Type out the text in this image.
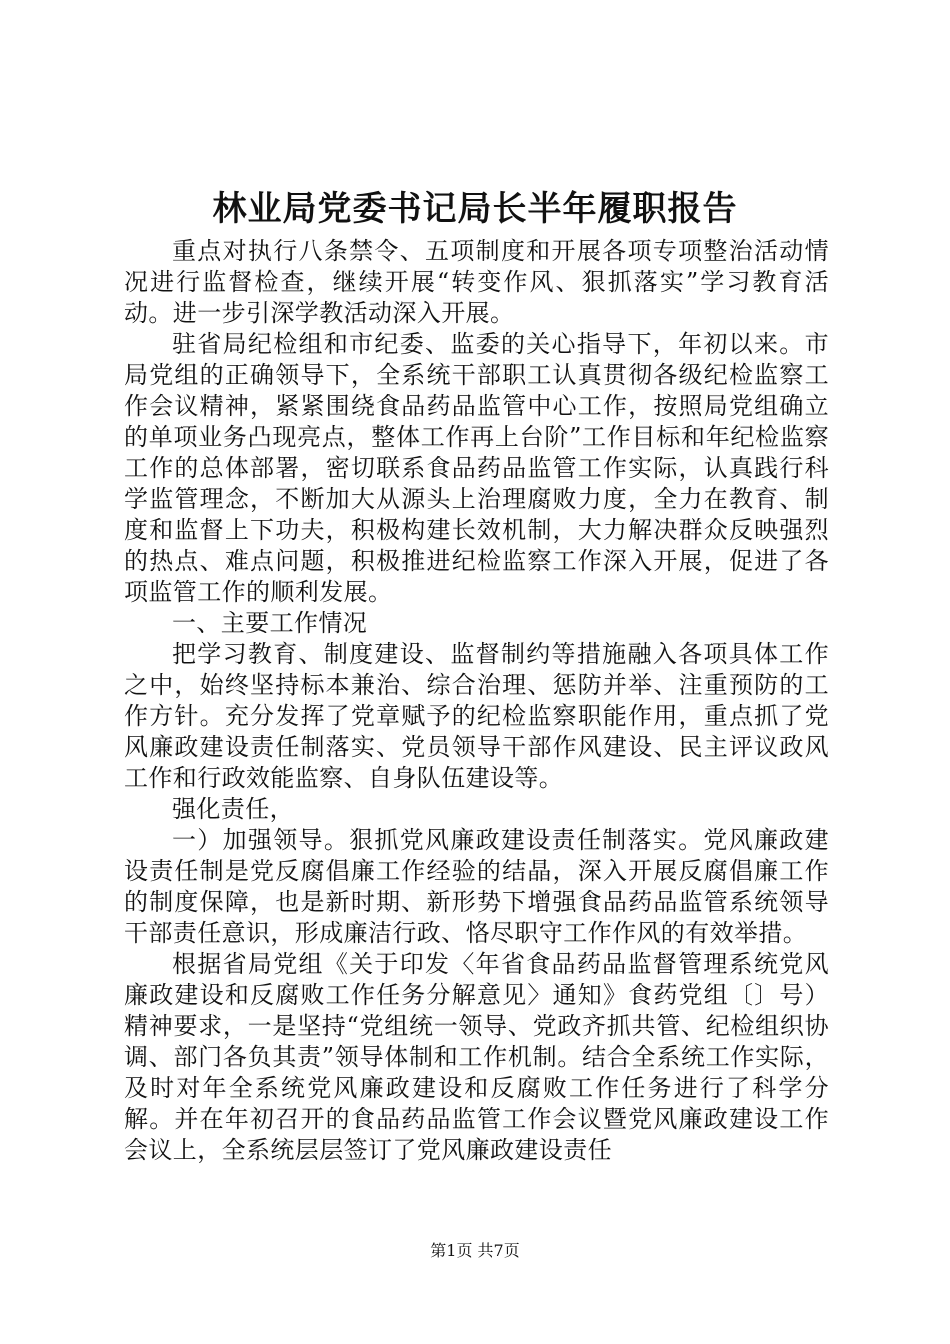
林业局党委书记局长半年履职报告

重点对执行八条禁令、五项制度和开展各项专项整治活动情况进行监督检查，继续开展“转变作风、狠抓落实”学习教育活动。进一步引深学教活动深入开展。

驻省局纪检组和市纪委、监委的关心指导下，年初以来。市局党组的正确领导下，全系统干部职工认真贯彻各级纪检监察工作会议精神，紧紧围绕食品药品监管中心工作，按照局党组确立的单项业务凸现亮点，整体工作再上台阶”工作目标和年纪检监察工作的总体部署，密切联系食品药品监管工作实际，认真践行科学监管理念，不断加大从源头上治理腐败力度，全力在教育、制度和监督上下功夫，积极构建长效机制，大力解决群众反映强烈的热点、难点问题，积极推进纪检监察工作深入开展，促进了各项监管工作的顺利发展。

一、主要工作情况

把学习教育、制度建设、监督制约等措施融入各项具体工作之中，始终坚持标本兼治、综合治理、惩防并举、注重预防的工作方针。充分发挥了党章赋予的纪检监察职能作用，重点抓了党风廉政建设责任制落实、党员领导干部作风建设、民主评议政风工作和行政效能监察、自身队伍建设等。

强化责任，

一）加强领导。狠抓党风廉政建设责任制落实。党风廉政建设责任制是党反腐倡廉工作经验的结晶，深入开展反腐倡廉工作的制度保障，也是新时期、新形势下增强食品药品监管系统领导干部责任意识，形成廉洁行政、恪尽职守工作作风的有效举措。

根据省局党组《关于印发〈年省食品药品监督管理系统党风廉政建设和反腐败工作任务分解意见〉通知》食药党组〔〕号）精神要求，一是坚持“党组统一领导、党政齐抓共管、纪检组织协调、部门各负其责”领导体制和工作机制。结合全系统工作实际，及时对年全系统党风廉政建设和反腐败工作任务进行了科学分解。并在年初召开的食品药品监管工作会议暨党风廉政建设工作会议上，全系统层层签订了党风廉政建设责任

第1页 共7页
